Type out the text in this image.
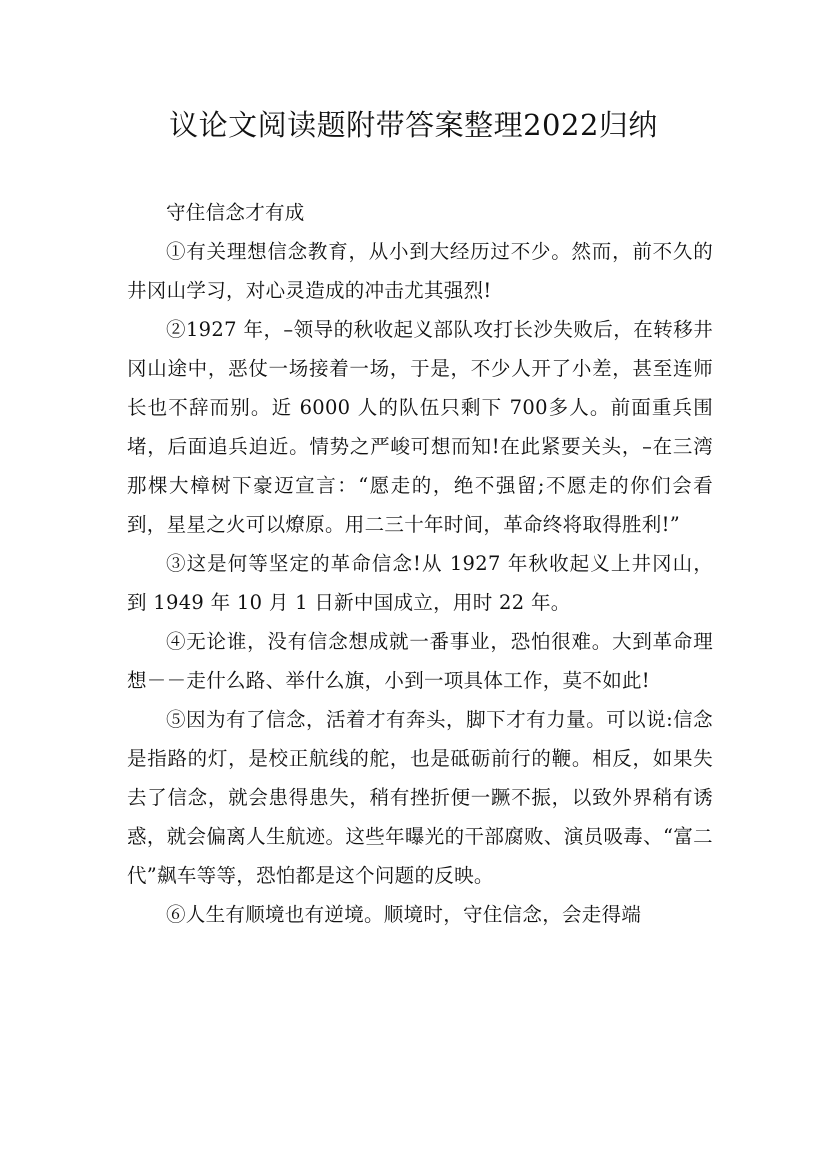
议论文阅读题附带答案整理2022归纳

守住信念才有成

①有关理想信念教育，从小到大经历过不少。然而，前不久的井冈山学习，对心灵造成的冲击尤其强烈!

②1927 年，–领导的秋收起义部队攻打长沙失败后，在转移井冈山途中，恶仗一场接着一场，于是，不少人开了小差，甚至连师长也不辞而别。近 6000 人的队伍只剩下 700多人。前面重兵围堵，后面追兵迫近。情势之严峻可想而知!在此紧要关头，–在三湾那棵大樟树下豪迈宣言：“愿走的，绝不强留;不愿走的你们会看到，星星之火可以燎原。用二三十年时间，革命终将取得胜利!”

③这是何等坚定的革命信念!从 1927 年秋收起义上井冈山，到 1949 年 10 月 1 日新中国成立，用时 22 年。

④无论谁，没有信念想成就一番事业，恐怕很难。大到革命理想－－走什么路、举什么旗，小到一项具体工作，莫不如此!

⑤因为有了信念，活着才有奔头，脚下才有力量。可以说:信念是指路的灯，是校正航线的舵，也是砥砺前行的鞭。相反，如果失去了信念，就会患得患失，稍有挫折便一蹶不振，以致外界稍有诱惑，就会偏离人生航迹。这些年曝光的干部腐败、演员吸毒、“富二代”飙车等等，恐怕都是这个问题的反映。

⑥人生有顺境也有逆境。顺境时，守住信念，会走得端
